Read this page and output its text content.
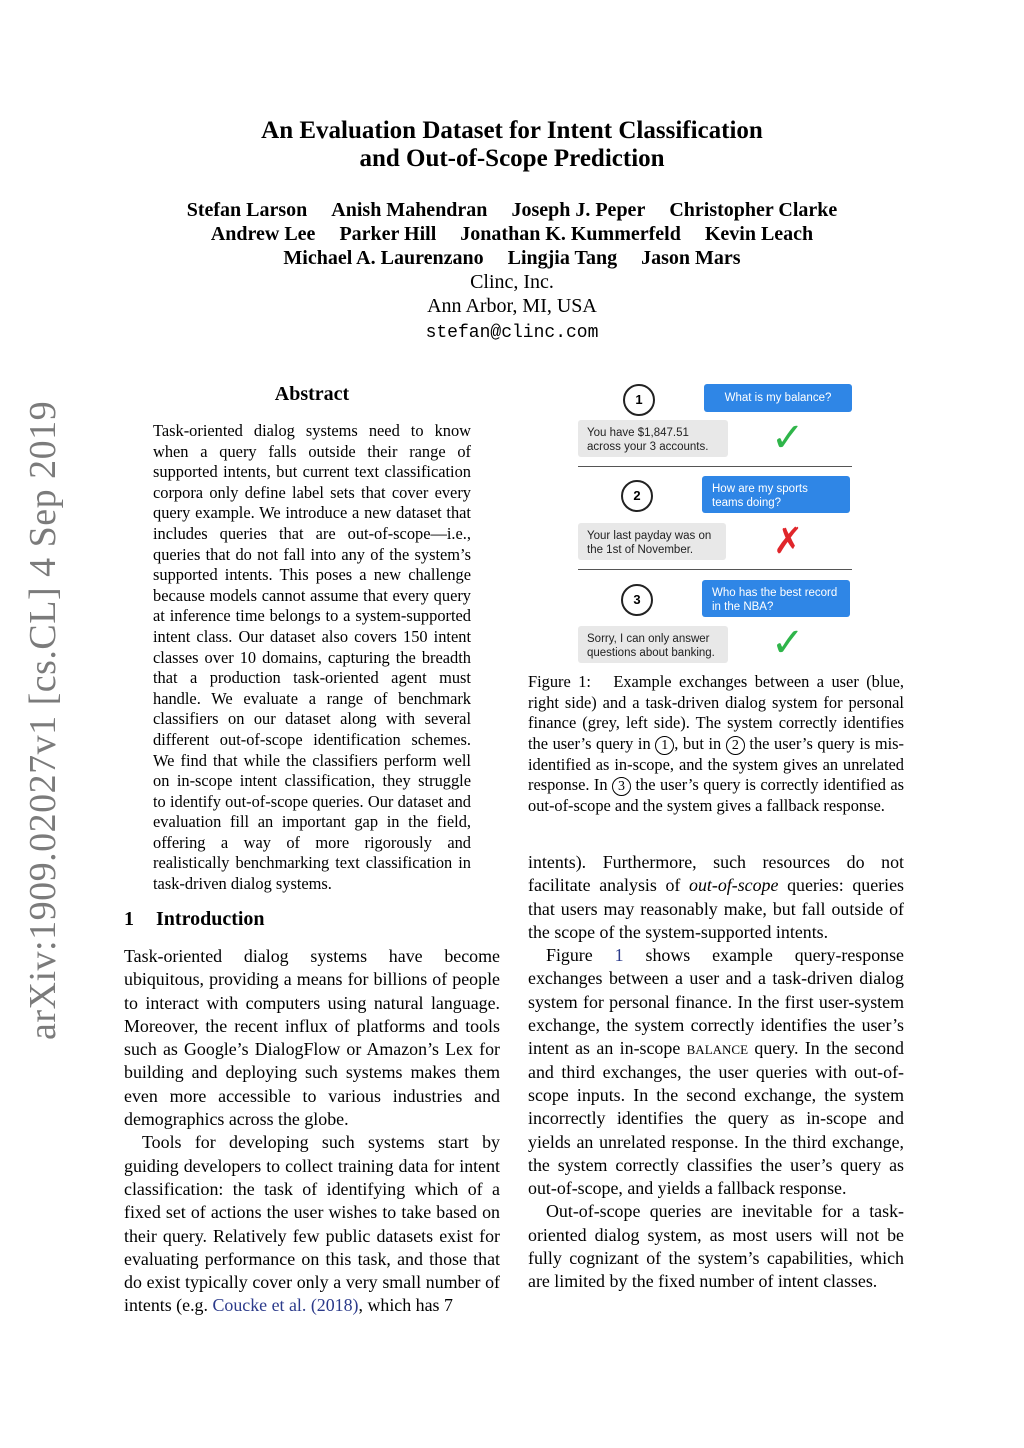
arXiv:1909.02027v1 [cs.CL] 4 Sep 2019
An Evaluation Dataset for Intent Classification
and Out-of-Scope Prediction
Stefan Larson Anish Mahendran Joseph J. Peper Christopher Clarke
Andrew Lee Parker Hill Jonathan K. Kummerfeld Kevin Leach
Michael A. Laurenzano Lingjia Tang Jason Mars
Clinc, Inc.
Ann Arbor, MI, USA
stefan@clinc.com
Abstract
Task-oriented dialog systems need to know when a query falls outside their range of supported intents, but current text classification corpora only define label sets that cover every query example. We introduce a new dataset that includes queries that are out-of-scope—i.e., queries that do not fall into any of the system’s supported intents. This poses a new challenge because models cannot assume that every query at inference time belongs to a system-supported intent class. Our dataset also covers 150 intent classes over 10 domains, capturing the breadth that a production task-oriented agent must handle. We evaluate a range of benchmark classifiers on our dataset along with several different out-of-scope identification schemes. We find that while the classifiers perform well on in-scope intent classification, they struggle to identify out-of-scope queries. Our dataset and evaluation fill an important gap in the field, offering a way of more rigorously and realistically benchmarking text classification in task-driven dialog systems.
1 Introduction

Task-oriented dialog systems have become ubiquitous, providing a means for billions of people to interact with computers using natural language. Moreover, the recent influx of platforms and tools such as Google’s DialogFlow or Amazon’s Lex for building and deploying such systems makes them even more accessible to various industries and demographics across the globe.

Tools for developing such systems start by guiding developers to collect training data for intent classification: the task of identifying which of a fixed set of actions the user wishes to take based on their query. Relatively few public datasets exist for evaluating performance on this task, and those that do exist typically cover only a very small number of intents (e.g. Coucke et al. (2018), which has 7

1	What is my balance?
You have $1,847.51 across your 3 accounts.	✓
2	How are my sports teams doing?
Your last payday was on the 1st of November.	✗
3	Who has the best record in the NBA?
Sorry, I can only answer questions about banking.	✓
Figure 1: Example exchanges between a user (blue, right side) and a task-driven dialog system for personal finance (grey, left side). The system correctly identifies the user’s query in 1 , but in 2 the user’s query is mis-identified as in-scope, and the system gives an unrelated response. In 3 the user’s query is correctly identified as out-of-scope and the system gives a fallback response.

intents). Furthermore, such resources do not facilitate analysis of out-of-scope queries: queries that users may reasonably make, but fall outside of the scope of the system-supported intents.

Figure 1 shows example query-response exchanges between a user and a task-driven dialog system for personal finance. In the first user-system exchange, the system correctly identifies the user’s intent as an in-scope balance query. In the second and third exchanges, the user queries with out-of-scope inputs. In the second exchange, the system incorrectly identifies the query as in-scope and yields an unrelated response. In the third exchange, the system correctly classifies the user’s query as out-of-scope, and yields a fallback response.

Out-of-scope queries are inevitable for a task-oriented dialog system, as most users will not be fully cognizant of the system’s capabilities, which are limited by the fixed number of intent classes.
